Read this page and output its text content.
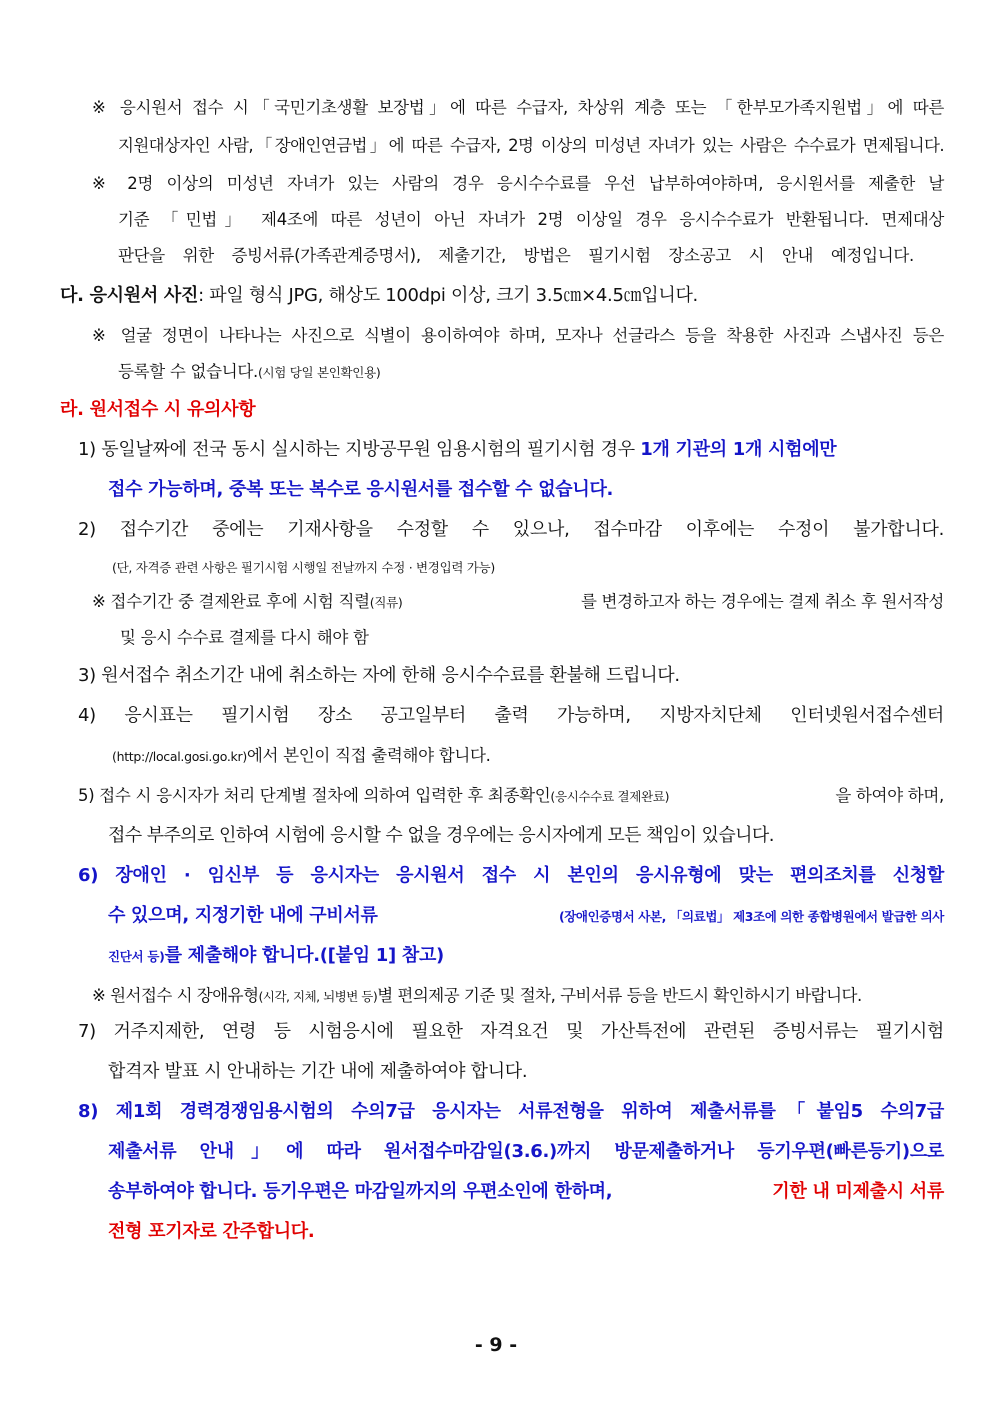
※ 응시원서 접수 시「국민기초생활 보장법」에 따른 수급자, 차상위 계층 또는 「한부모가족지원법」에 따른
지원대상자인 사람,「장애인연금법」에 따른 수급자, 2명 이상의 미성년 자녀가 있는 사람은 수수료가 면제됩니다.
※ 2명 이상의 미성년 자녀가 있는 사람의 경우 응시수수료를 우선 납부하여야하며, 응시원서를 제출한 날
기준 「민법」 제4조에 따른 성년이 아닌 자녀가 2명 이상일 경우 응시수수료가 반환됩니다. 면제대상
판단을 위한 증빙서류(가족관계증명서), 제출기간, 방법은 필기시험 장소공고 시 안내 예정입니다.
다. 응시원서 사진: 파일 형식 JPG, 해상도 100dpi 이상, 크기 3.5㎝×4.5㎝입니다.
※ 얼굴 정면이 나타나는 사진으로 식별이 용이하여야 하며, 모자나 선글라스 등을 착용한 사진과 스냅사진 등은
등록할 수 없습니다.(시험 당일 본인확인용)
라. 원서접수 시 유의사항
1) 동일날짜에 전국 동시 실시하는 지방공무원 임용시험의 필기시험 경우 1개 기관의 1개 시험에만
접수 가능하며, 중복 또는 복수로 응시원서를 접수할 수 없습니다.
2) 접수기간 중에는 기재사항을 수정할 수 있으나, 접수마감 이후에는 수정이 불가합니다.
(단, 자격증 관련 사항은 필기시험 시행일 전날까지 수정 · 변경입력 가능)
※ 접수기간 중 결제완료 후에 시험 직렬(직류)	를 변경하고자 하는 경우에는 결제 취소 후 원서작성
및 응시 수수료 결제를 다시 해야 함
3) 원서접수 취소기간 내에 취소하는 자에 한해 응시수수료를 환불해 드립니다.
4) 응시표는 필기시험 장소 공고일부터 출력 가능하며, 지방자치단체 인터넷원서접수센터
(http://local.gosi.go.kr)에서 본인이 직접 출력해야 합니다.
5) 접수 시 응시자가 처리 단계별 절차에 의하여 입력한 후 최종확인(응시수수료 결제완료)	을 하여야 하며,
접수 부주의로 인하여 시험에 응시할 수 없을 경우에는 응시자에게 모든 책임이 있습니다.
6) 장애인 · 임신부 등 응시자는 응시원서 접수 시 본인의 응시유형에 맞는 편의조치를 신청할
수 있으며, 지정기한 내에 구비서류	(장애인증명서 사본, 「의료법」 제3조에 의한 종합병원에서 발급한 의사
진단서 등)를 제출해야 합니다.([붙임 1] 참고)
※ 원서접수 시 장애유형(시각, 지체, 뇌병변 등)별 편의제공 기준 및 절차, 구비서류 등을 반드시 확인하시기 바랍니다.
7) 거주지제한, 연령 등 시험응시에 필요한 자격요건 및 가산특전에 관련된 증빙서류는 필기시험
합격자 발표 시 안내하는 기간 내에 제출하여야 합니다.
8) 제1회 경력경쟁임용시험의 수의7급 응시자는 서류전형을 위하여 제출서류를「붙임5 수의7급
제출서류 안내」에 따라 원서접수마감일(3.6.)까지 방문제출하거나 등기우편(빠른등기)으로
송부하여야 합니다. 등기우편은 마감일까지의 우편소인에 한하며,	기한 내 미제출시 서류
전형 포기자로 간주합니다.
- 9 -
